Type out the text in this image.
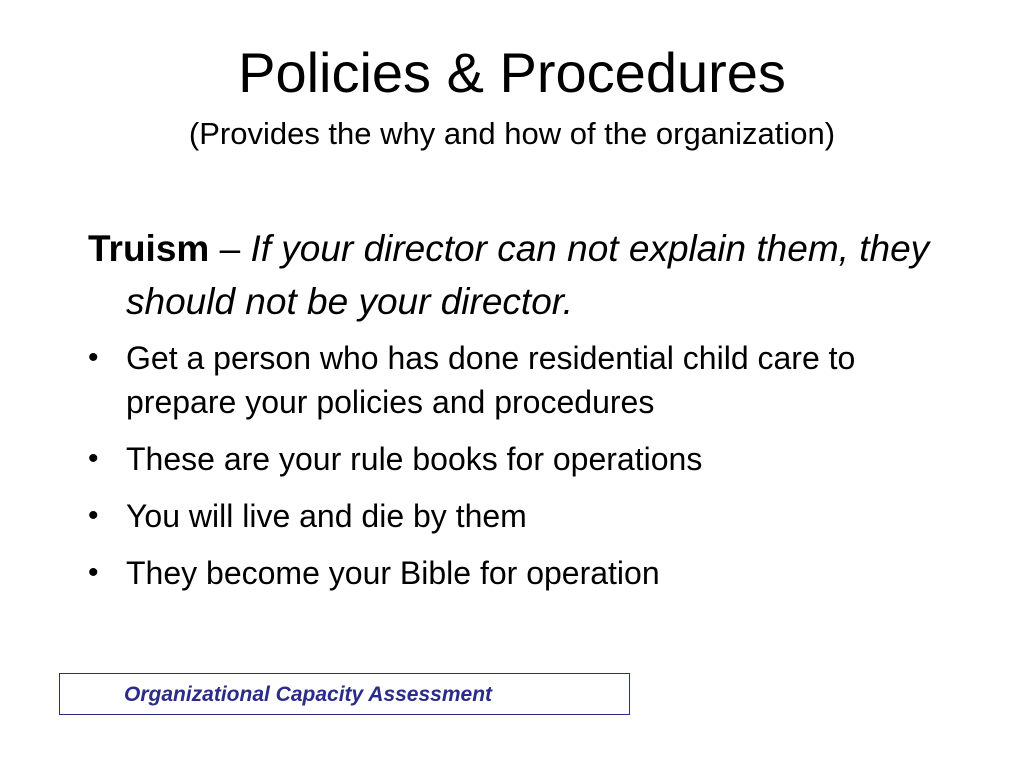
Policies & Procedures
(Provides the why and how of the organization)

Truism – If your director can not explain them, they should not be your director.

• Get a person who has done residential child care to prepare your policies and procedures
• These are your rule books for operations
• You will live and die by them
• They become your Bible for operation
Organizational Capacity Assessment
